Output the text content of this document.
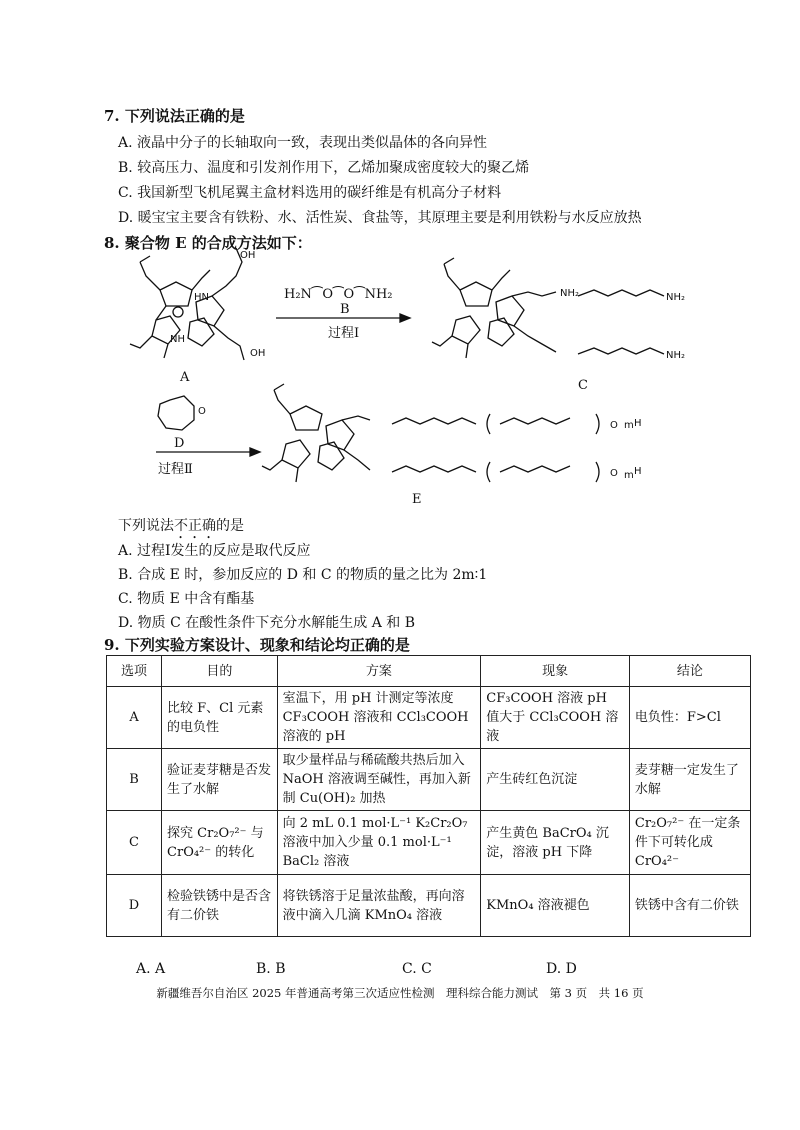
7. 下列说法正确的是
A. 液晶中分子的长轴取向一致，表现出类似晶体的各向异性
B. 较高压力、温度和引发剂作用下，乙烯加聚成密度较大的聚乙烯
C. 我国新型飞机尾翼主盒材料选用的碳纤维是有机高分子材料
D. 暖宝宝主要含有铁粉、水、活性炭、食盐等，其原理主要是利用铁粉与水反应放热
8. 聚合物 E 的合成方法如下：
OH
OH
NH
HN	NH₂	NH₂
NH₂
O m H
O m H
O
A
H₂N⁀O⁀O⁀NH₂
B
过程Ⅰ
C
D
过程Ⅱ
E
下列说法不正确的是
A. 过程Ⅰ发生的反应是取代反应
B. 合成 E 时，参加反应的 D 和 C 的物质的量之比为 2m∶1
C. 物质 E 中含有酯基
D. 物质 C 在酸性条件下充分水解能生成 A 和 B
9. 下列实验方案设计、现象和结论均正确的是
选项	目的	方案	现象	结论
A	比较 F、Cl 元素的电负性	室温下，用 pH 计测定等浓度 CF₃COOH 溶液和 CCl₃COOH 溶液的 pH	CF₃COOH 溶液 pH 值大于 CCl₃COOH 溶液	电负性：F>Cl
B	验证麦芽糖是否发生了水解	取少量样品与稀硫酸共热后加入 NaOH 溶液调至碱性，再加入新制 Cu(OH)₂ 加热	产生砖红色沉淀	麦芽糖一定发生了水解
C	探究 Cr₂O₇²⁻ 与 CrO₄²⁻ 的转化	向 2 mL 0.1 mol·L⁻¹ K₂Cr₂O₇ 溶液中加入少量 0.1 mol·L⁻¹ BaCl₂ 溶液	产生黄色 BaCrO₄ 沉淀，溶液 pH 下降	Cr₂O₇²⁻ 在一定条件下可转化成 CrO₄²⁻
D	检验铁锈中是否含有二价铁	将铁锈溶于足量浓盐酸，再向溶液中滴入几滴 KMnO₄ 溶液	KMnO₄ 溶液褪色	铁锈中含有二价铁
A. A	B. B	C. C	D. D
新疆维吾尔自治区 2025 年普通高考第三次适应性检测　理科综合能力测试　第 3 页　共 16 页
